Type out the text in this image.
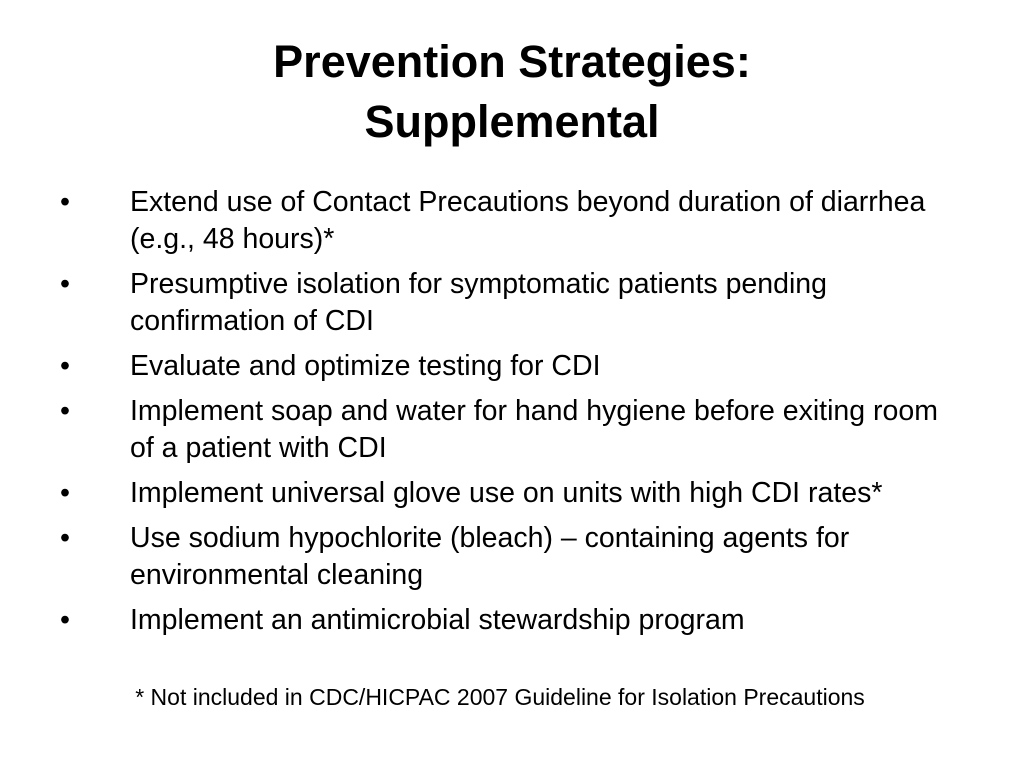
Prevention Strategies:
Supplemental
•	Extend use of Contact Precautions beyond duration of diarrhea (e.g., 48 hours)*
•	Presumptive isolation for symptomatic patients pending confirmation of CDI
•	Evaluate and optimize testing for CDI
•	Implement soap and water for hand hygiene before exiting room of a patient with CDI
•	Implement universal glove use on units with high CDI rates*
•	Use sodium hypochlorite (bleach) – containing agents for environmental cleaning
•	Implement an antimicrobial stewardship program
* Not included in CDC/HICPAC 2007 Guideline for Isolation Precautions
